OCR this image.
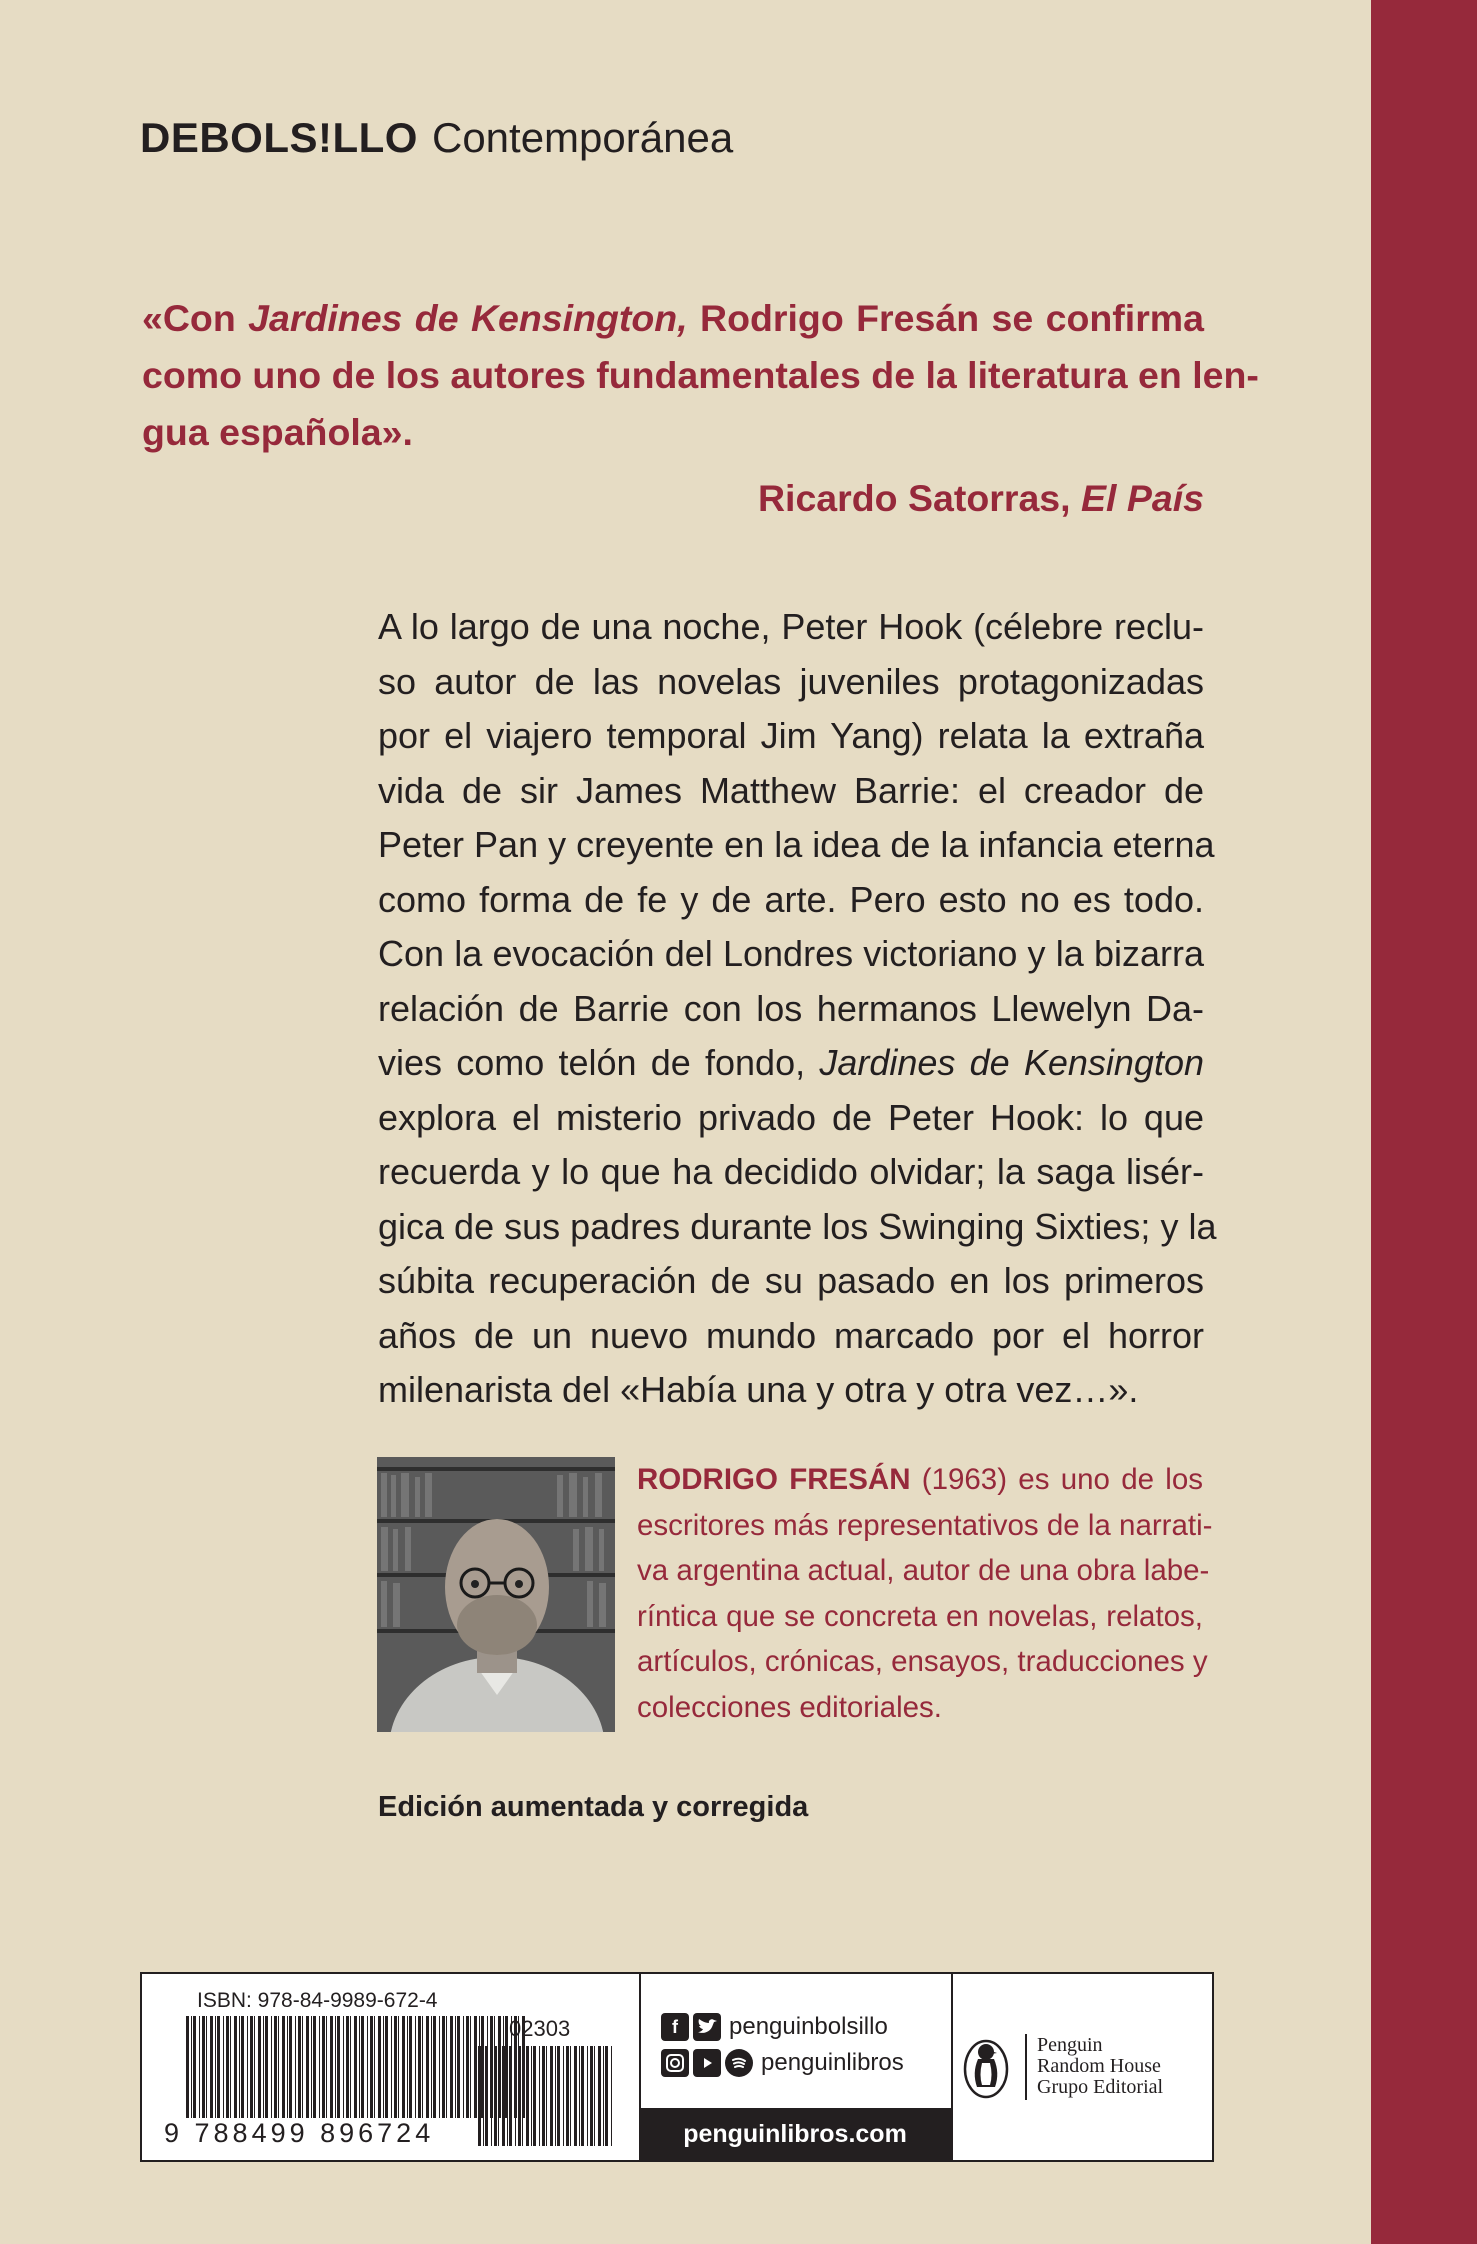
DEBOLS!LLO Contemporánea
«Con Jardines de Kensington, Rodrigo Fresán se confirma
como uno de los autores fundamentales de la literatura en len-
gua española».
Ricardo Satorras, El País
A lo largo de una noche, Peter Hook (célebre reclu-
so autor de las novelas juveniles protagonizadas
por el viajero temporal Jim Yang) relata la extraña
vida de sir James Matthew Barrie: el creador de
Peter Pan y creyente en la idea de la infancia eterna
como forma de fe y de arte. Pero esto no es todo.
Con la evocación del Londres victoriano y la bizarra
relación de Barrie con los hermanos Llewelyn Da-
vies como telón de fondo, Jardines de Kensington
explora el misterio privado de Peter Hook: lo que
recuerda y lo que ha decidido olvidar; la saga lisér-
gica de sus padres durante los Swinging Sixties; y la
súbita recuperación de su pasado en los primeros
años de un nuevo mundo marcado por el horror
milenarista del «Había una y otra y otra vez…».
RODRIGO FRESÁN (1963) es uno de los
escritores más representativos de la narrati-
va argentina actual, autor de una obra labe-
ríntica que se concreta en novelas, relatos,
artículos, crónicas, ensayos, traducciones y
colecciones editoriales.
Edición aumentada y corregida
ISBN: 978-84-9989-672-4
9 788499 896724
02303	f	penguinbolsillo
penguinlibros
penguinlibros.com
Penguin
Random House
Grupo Editorial
